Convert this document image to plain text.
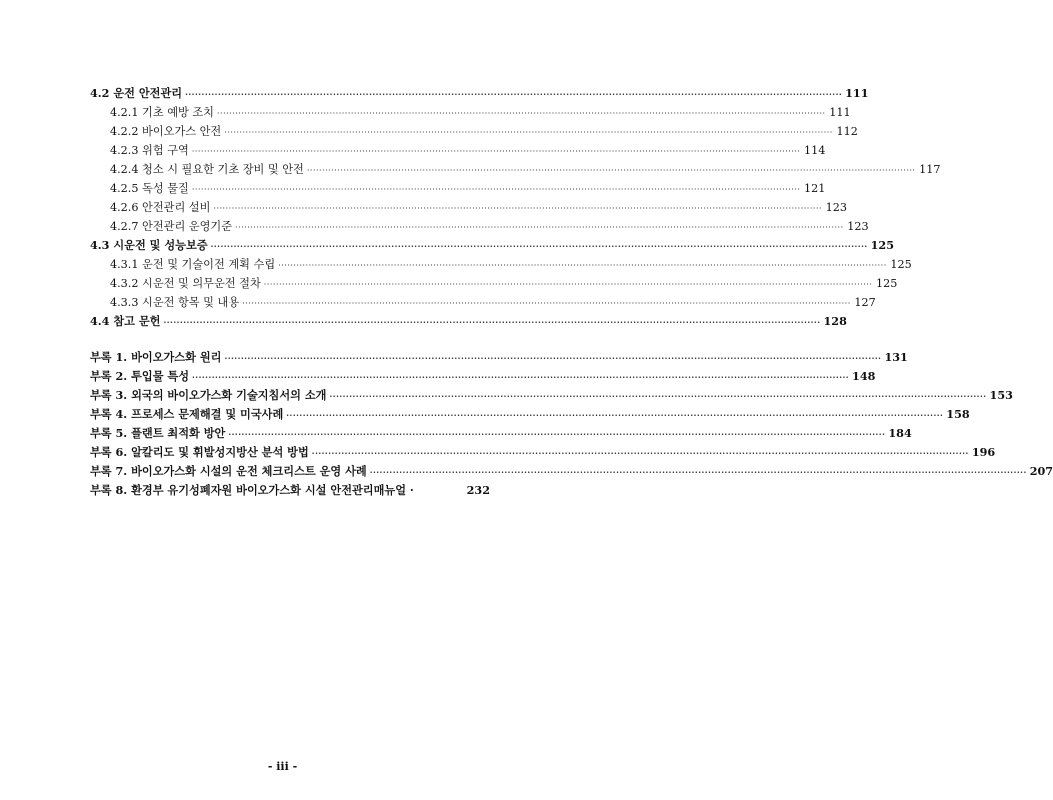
4.2 운전 안전관리 ········································································································································································································ 111
4.2.1 기초 예방 조치 ········································································································································································································ 111
4.2.2 바이오가스 안전 ········································································································································································································ 112
4.2.3 위험 구역 ········································································································································································································ 114
4.2.4 청소 시 필요한 기초 장비 및 안전 ········································································································································································································ 117
4.2.5 독성 물질 ········································································································································································································ 121
4.2.6 안전관리 설비 ········································································································································································································ 123
4.2.7 안전관리 운영기준 ········································································································································································································ 123
4.3 시운전 및 성능보증 ········································································································································································································ 125
4.3.1 운전 및 기술이전 계획 수립 ········································································································································································································ 125
4.3.2 시운전 및 의무운전 절차 ········································································································································································································ 125
4.3.3 시운전 항목 및 내용 ········································································································································································································ 127
4.4 참고 문헌 ········································································································································································································ 128
부록 1. 바이오가스화 원리 ········································································································································································································ 131
부록 2. 투입물 특성 ········································································································································································································ 148
부록 3. 외국의 바이오가스화 기술지침서의 소개 ········································································································································································································ 153
부록 4. 프로세스 문제해결 및 미국사례 ········································································································································································································ 158
부록 5. 플랜트 최적화 방안 ········································································································································································································ 184
부록 6. 알칼리도 및 휘발성지방산 분석 방법 ········································································································································································································ 196
부록 7. 바이오가스화 시설의 운전 체크리스트 운영 사례 ········································································································································································································ 207
부록 8. 환경부 유기성폐자원 바이오가스화 시설 안전관리매뉴얼 ·	232
- iii -
